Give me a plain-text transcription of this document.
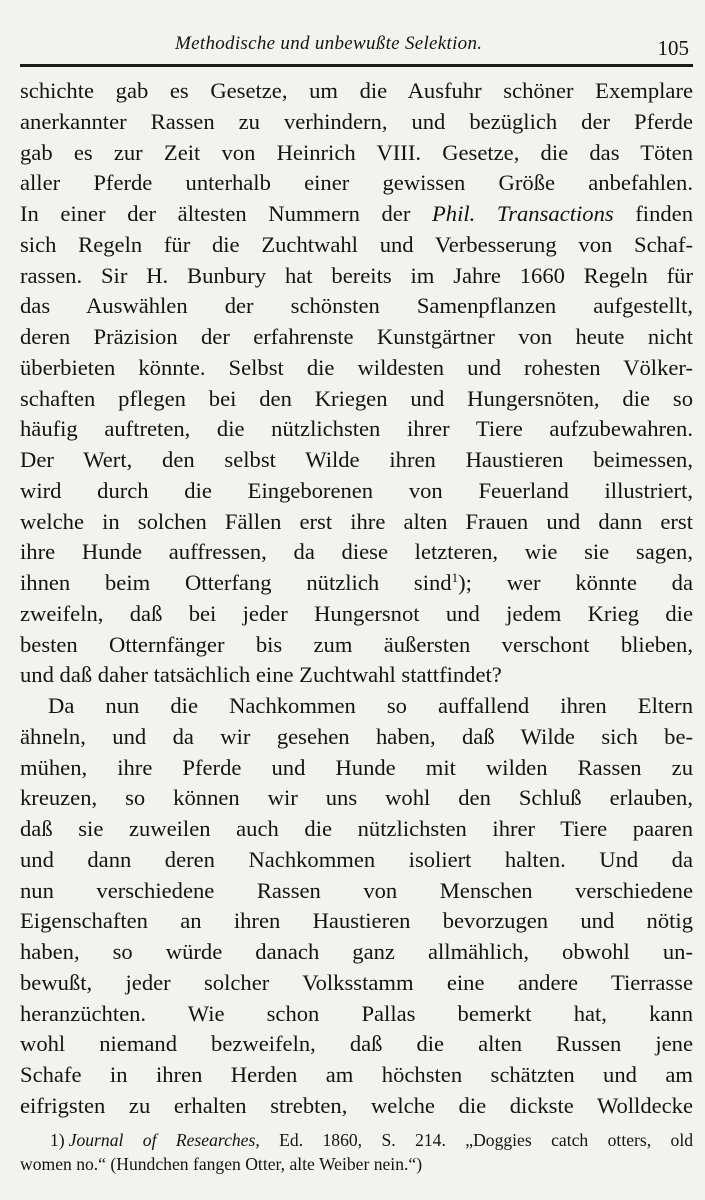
Methodische und unbewußte Selektion.	105
schichte gab es Gesetze, um die Ausfuhr schöner Exemplare
anerkannter Rassen zu verhindern, und bezüglich der Pferde
gab es zur Zeit von Heinrich VIII. Gesetze, die das Töten
aller Pferde unterhalb einer gewissen Größe anbefahlen.
In einer der ältesten Nummern der Phil. Transactions finden
sich Regeln für die Zuchtwahl und Verbesserung von Schaf-
rassen. Sir H. Bunbury hat bereits im Jahre 1660 Regeln für
das Auswählen der schönsten Samenpflanzen aufgestellt,
deren Präzision der erfahrenste Kunstgärtner von heute nicht
überbieten könnte. Selbst die wildesten und rohesten Völker-
schaften pflegen bei den Kriegen und Hungersnöten, die so
häufig auftreten, die nützlichsten ihrer Tiere aufzubewahren.
Der Wert, den selbst Wilde ihren Haustieren beimessen,
wird durch die Eingeborenen von Feuerland illustriert,
welche in solchen Fällen erst ihre alten Frauen und dann erst
ihre Hunde auffressen, da diese letzteren, wie sie sagen,
ihnen beim Otterfang nützlich sind$^1$); wer könnte da
zweifeln, daß bei jeder Hungersnot und jedem Krieg die
besten Otternfänger bis zum äußersten verschont blieben,
und daß daher tatsächlich eine Zuchtwahl stattfindet?
Da nun die Nachkommen so auffallend ihren Eltern
ähneln, und da wir gesehen haben, daß Wilde sich be-
mühen, ihre Pferde und Hunde mit wilden Rassen zu
kreuzen, so können wir uns wohl den Schluß erlauben,
daß sie zuweilen auch die nützlichsten ihrer Tiere paaren
und dann deren Nachkommen isoliert halten. Und da
nun verschiedene Rassen von Menschen verschiedene
Eigenschaften an ihren Haustieren bevorzugen und nötig
haben, so würde danach ganz allmählich, obwohl un-
bewußt, jeder solcher Volksstamm eine andere Tierrasse
heranzüchten. Wie schon Pallas bemerkt hat, kann
wohl niemand bezweifeln, daß die alten Russen jene
Schafe in ihren Herden am höchsten schätzten und am
eifrigsten zu erhalten strebten, welche die dickste Wolldecke
1) Journal of Researches, Ed. 1860, S. 214. „Doggies catch otters, old
women no.“ (Hundchen fangen Otter, alte Weiber nein.“)
